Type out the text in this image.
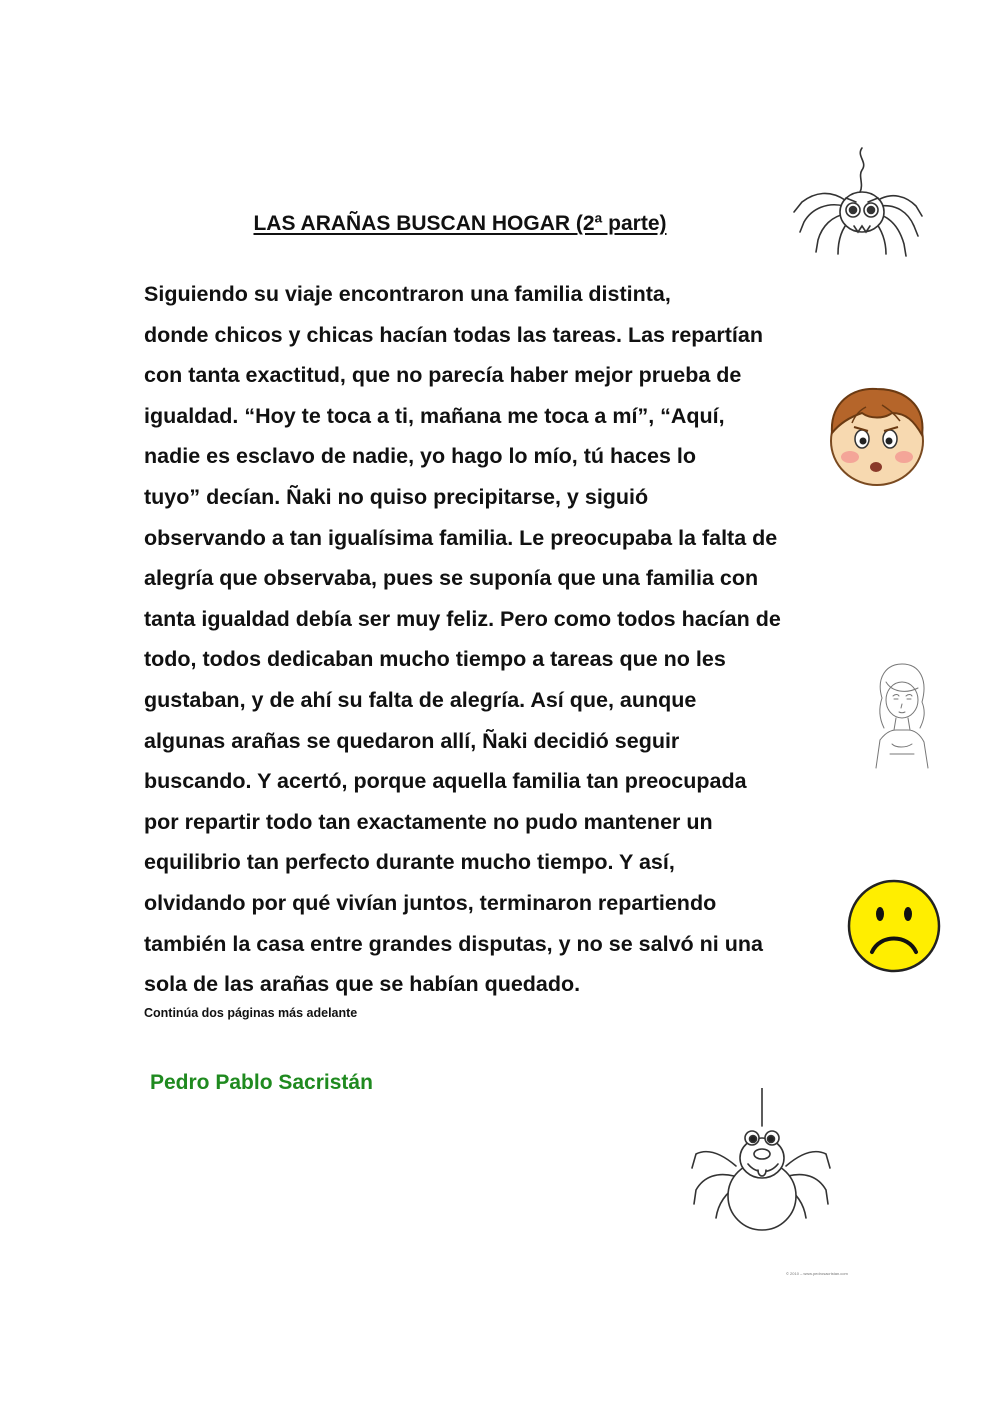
LAS ARAÑAS BUSCAN HOGAR (2ª parte)
Siguiendo su viaje encontraron una familia distinta,
donde chicos y chicas hacían todas las tareas. Las repartían
con tanta exactitud, que no parecía haber mejor prueba de
igualdad. “Hoy te toca a ti, mañana me toca a mí”, “Aquí,
nadie es esclavo de nadie, yo hago lo mío, tú haces lo
tuyo” decían. Ñaki no quiso precipitarse, y siguió
observando a tan igualísima familia. Le preocupaba la falta de
alegría que observaba, pues se suponía que una familia con
tanta igualdad debía ser muy feliz. Pero como todos hacían de
todo, todos dedicaban mucho tiempo a tareas que no les
gustaban, y de ahí su falta de alegría. Así que, aunque
algunas arañas se quedaron allí, Ñaki decidió seguir
buscando. Y acertó, porque aquella familia tan preocupada
por repartir todo tan exactamente no pudo mantener un
equilibrio tan perfecto durante mucho tiempo. Y así,
olvidando por qué vivían juntos, terminaron repartiendo
también la casa entre grandes disputas, y no se salvó ni una
sola de las arañas que se habían quedado.

Continúa dos páginas más adelante

Pedro Pablo Sacristán

© 2010 – www.pedrosacristan.com
